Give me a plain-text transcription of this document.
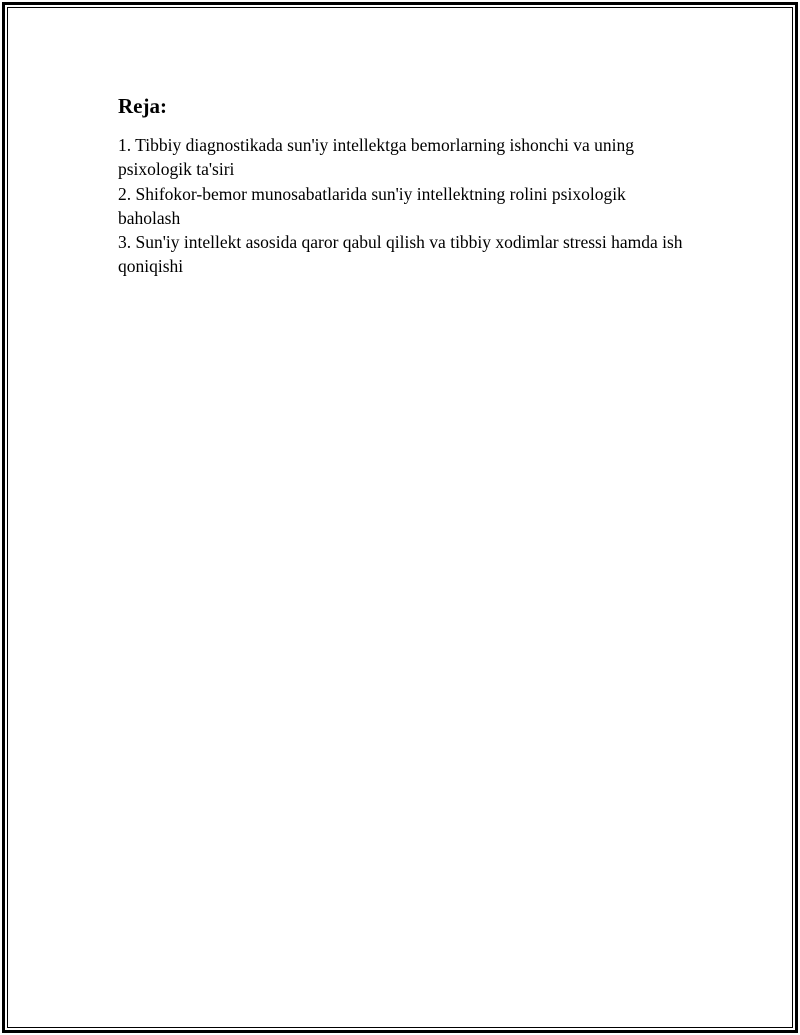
Reja:
1. Tibbiy diagnostikada sun'iy intellektga bemorlarning ishonchi va uning psixologik ta'siri
2. Shifokor-bemor munosabatlarida sun'iy intellektning rolini psixologik baholash
3. Sun'iy intellekt asosida qaror qabul qilish va tibbiy xodimlar stressi hamda ish qoniqishi
